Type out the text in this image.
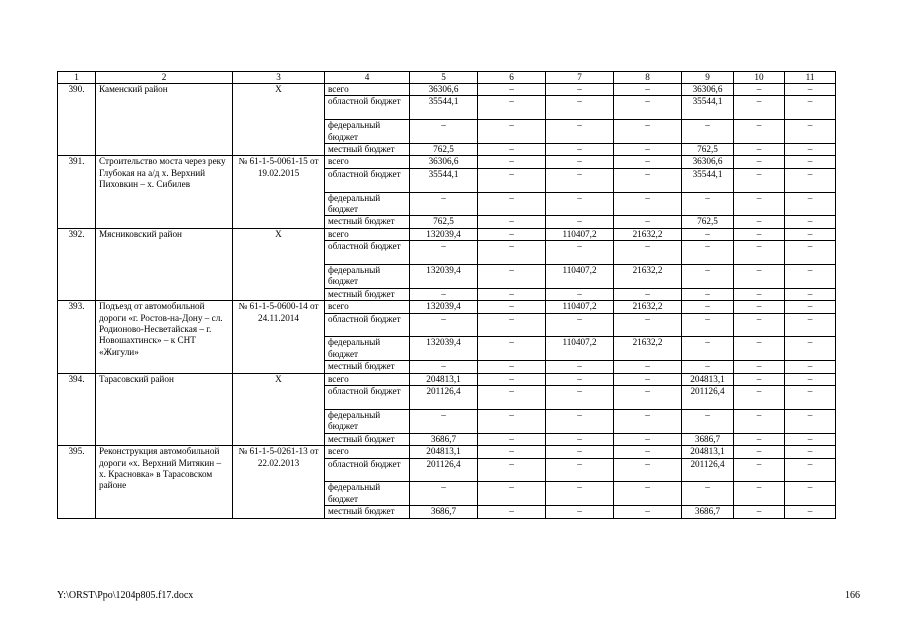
1	2	3	4	5	6	7	8	9	10	11
390.	Каменский район	Х	всего	36306,6	–	–	–	36306,6	–	–
			областной бюджет	35544,1	–	–	–	35544,1	–	–
			федеральный бюджет	–	–	–	–	–	–	–
			местный бюджет	762,5	–	–	–	762,5	–	–
391.	Строительство моста через реку Глубокая на а/д х. Верхний Пиховкин – х. Сибилев	№ 61-1-5-0061-15 от 19.02.2015	всего	36306,6	–	–	–	36306,6	–	–
			областной бюджет	35544,1	–	–	–	35544,1	–	–
			федеральный бюджет	–	–	–	–	–	–	–
			местный бюджет	762,5	–	–	–	762,5	–	–
392.	Мясниковский район	Х	всего	132039,4	–	110407,2	21632,2	–	–	–
			областной бюджет	–	–	–	–	–	–	–
			федеральный бюджет	132039,4	–	110407,2	21632,2	–	–	–
			местный бюджет	–	–	–	–	–	–	–
393.	Подъезд от автомобильной дороги «г. Ростов-на-Дону – сл. Родионово-Несветайская – г. Новошахтинск» – к СНТ «Жигули»	№ 61-1-5-0600-14 от 24.11.2014	всего	132039,4	–	110407,2	21632,2	–	–	–
			областной бюджет	–	–	–	–	–	–	–
			федеральный бюджет	132039,4	–	110407,2	21632,2	–	–	–
			местный бюджет	–	–	–	–	–	–	–
394.	Тарасовский район	Х	всего	204813,1	–	–	–	204813,1	–	–
			областной бюджет	201126,4	–	–	–	201126,4	–	–
			федеральный бюджет	–	–	–	–	–	–	–
			местный бюджет	3686,7	–	–	–	3686,7	–	–
395.	Реконструкция автомобильной дороги «х. Верхний Митякин – х. Красновка» в Тарасовском районе	№ 61-1-5-0261-13 от 22.02.2013	всего	204813,1	–	–	–	204813,1	–	–
			областной бюджет	201126,4	–	–	–	201126,4	–	–
			федеральный бюджет	–	–	–	–	–	–	–
			местный бюджет	3686,7	–	–	–	3686,7	–	–
Y:\ORST\Ppo\1204p805.f17.docx	166
